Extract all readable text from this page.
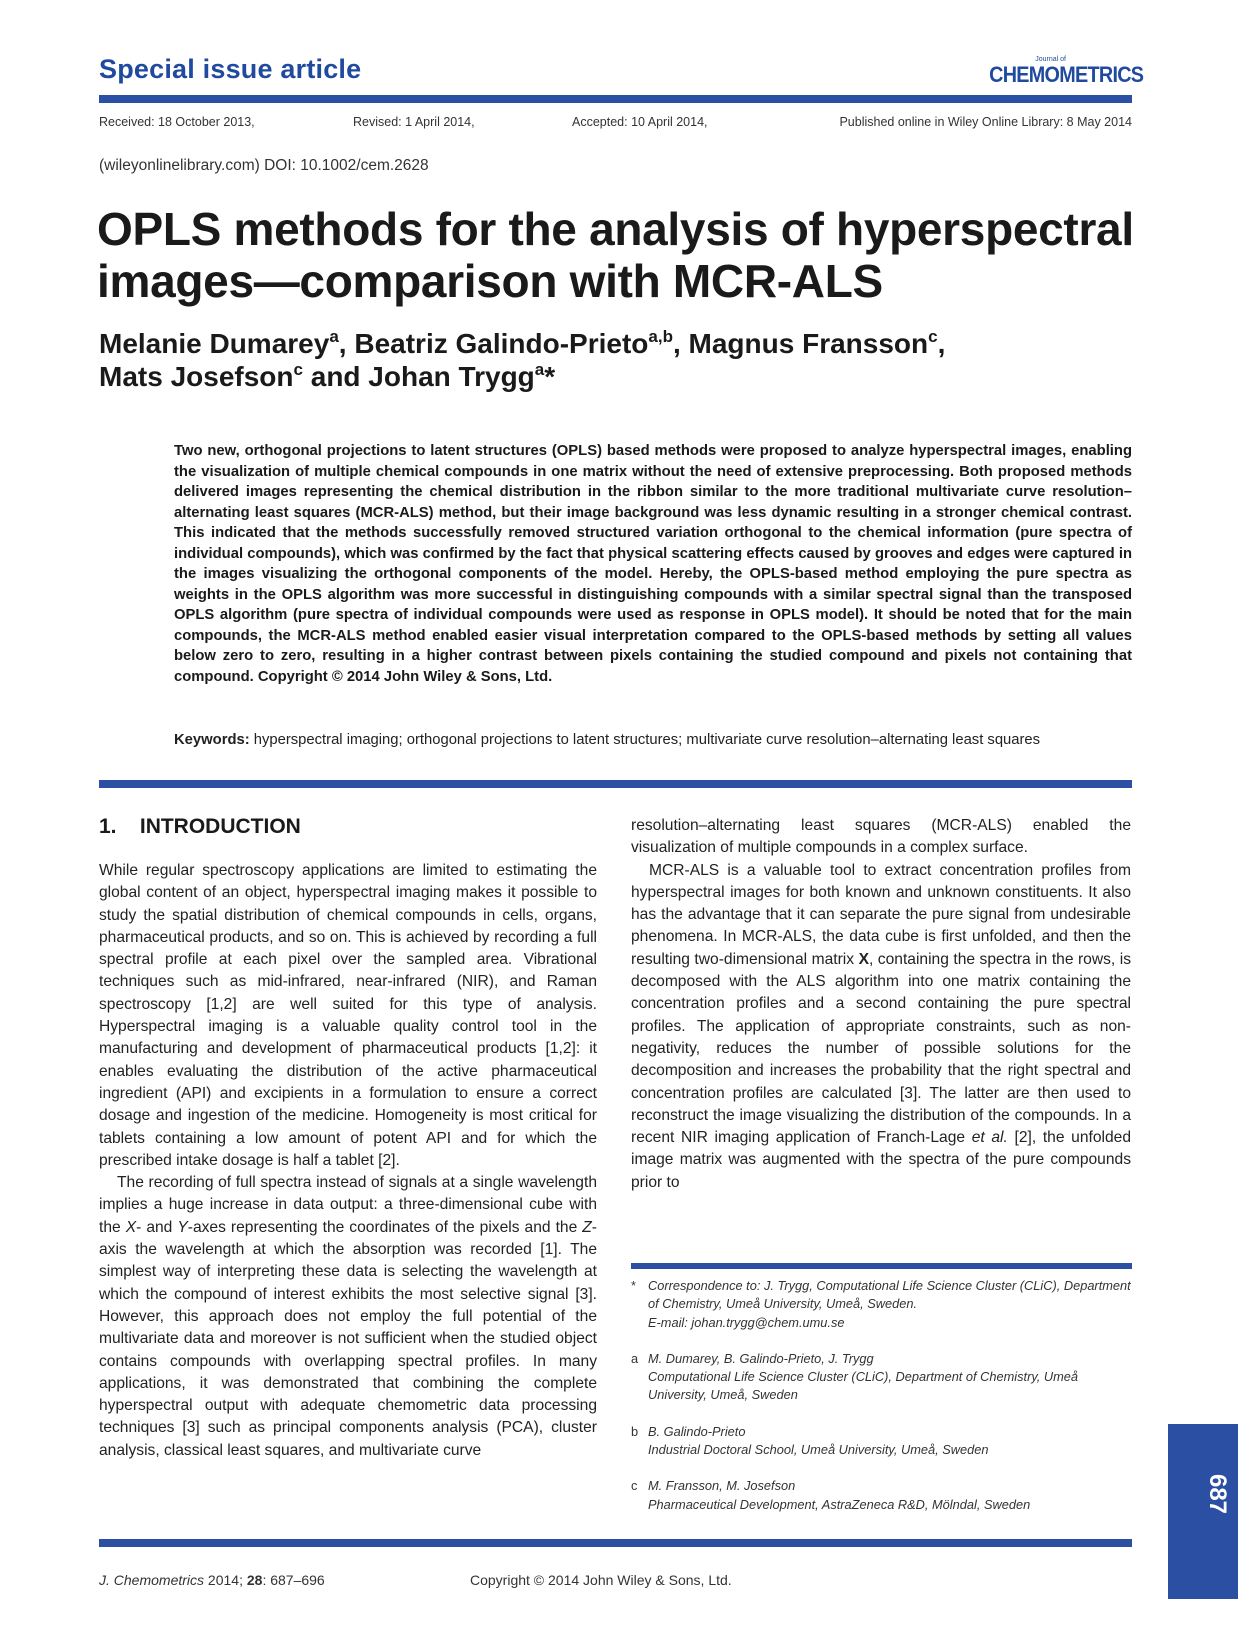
Special issue article	Journal of
CHEMOMETRICS
Received: 18 October 2013,	Revised: 1 April 2014,	Accepted: 10 April 2014,	Published online in Wiley Online Library: 8 May 2014
(wileyonlinelibrary.com) DOI: 10.1002/cem.2628
OPLS methods for the analysis of hyperspectral
images—comparison with MCR-ALS
Melanie Dumarey$^a$, Beatriz Galindo-Prieto$^{a,b}$, Magnus Fransson$^c$,
Mats Josefson$^c$ and Johan Trygg$^a$*
Two new, orthogonal projections to latent structures (OPLS) based methods were proposed to analyze hyperspectral images, enabling the visualization of multiple chemical compounds in one matrix without the need of extensive preprocessing. Both proposed methods delivered images representing the chemical distribution in the ribbon similar to the more traditional multivariate curve resolution–alternating least squares (MCR-ALS) method, but their image background was less dynamic resulting in a stronger chemical contrast. This indicated that the methods successfully removed structured variation orthogonal to the chemical information (pure spectra of individual compounds), which was confirmed by the fact that physical scattering effects caused by grooves and edges were captured in the images visualizing the orthogonal components of the model. Hereby, the OPLS-based method employing the pure spectra as weights in the OPLS algorithm was more successful in distinguishing compounds with a similar spectral signal than the transposed OPLS algorithm (pure spectra of individual compounds were used as response in OPLS model). It should be noted that for the main compounds, the MCR-ALS method enabled easier visual interpretation compared to the OPLS-based methods by setting all values below zero to zero, resulting in a higher contrast between pixels containing the studied compound and pixels not containing that compound. Copyright © 2014 John Wiley & Sons, Ltd.
Keywords: hyperspectral imaging; orthogonal projections to latent structures; multivariate curve resolution–alternating least squares
1. INTRODUCTION

While regular spectroscopy applications are limited to estimating the global content of an object, hyperspectral imaging makes it possible to study the spatial distribution of chemical compounds in cells, organs, pharmaceutical products, and so on. This is achieved by recording a full spectral profile at each pixel over the sampled area. Vibrational techniques such as mid-infrared, near-infrared (NIR), and Raman spectroscopy [1,2] are well suited for this type of analysis. Hyperspectral imaging is a valuable quality control tool in the manufacturing and development of pharmaceutical products [1,2]: it enables evaluating the distribution of the active pharmaceutical ingredient (API) and excipients in a formulation to ensure a correct dosage and ingestion of the medicine. Homogeneity is most critical for tablets containing a low amount of potent API and for which the prescribed intake dosage is half a tablet [2].

The recording of full spectra instead of signals at a single wavelength implies a huge increase in data output: a three-dimensional cube with the X- and Y-axes representing the coordinates of the pixels and the Z-axis the wavelength at which the absorption was recorded [1]. The simplest way of interpreting these data is selecting the wavelength at which the compound of interest exhibits the most selective signal [3]. However, this approach does not employ the full potential of the multivariate data and moreover is not sufficient when the studied object contains compounds with overlapping spectral profiles. In many applications, it was demonstrated that combining the complete hyperspectral output with adequate chemometric data processing techniques [3] such as principal components analysis (PCA), cluster analysis, classical least squares, and multivariate curve

resolution–alternating least squares (MCR-ALS) enabled the visualization of multiple compounds in a complex surface.

MCR-ALS is a valuable tool to extract concentration profiles from hyperspectral images for both known and unknown constituents. It also has the advantage that it can separate the pure signal from undesirable phenomena. In MCR-ALS, the data cube is first unfolded, and then the resulting two-dimensional matrix X, containing the spectra in the rows, is decomposed with the ALS algorithm into one matrix containing the concentration profiles and a second containing the pure spectral profiles. The application of appropriate constraints, such as non-negativity, reduces the number of possible solutions for the decomposition and increases the probability that the right spectral and concentration profiles are calculated [3]. The latter are then used to reconstruct the image visualizing the distribution of the compounds. In a recent NIR imaging application of Franch-Lage et al. [2], the unfolded image matrix was augmented with the spectra of the pure compounds prior to

* Correspondence to: J. Trygg, Computational Life Science Cluster (CLiC), Department of Chemistry, Umeå University, Umeå, Sweden.
E-mail: johan.trygg@chem.umu.se
a M. Dumarey, B. Galindo-Prieto, J. Trygg
Computational Life Science Cluster (CLiC), Department of Chemistry, Umeå University, Umeå, Sweden
b B. Galindo-Prieto
Industrial Doctoral School, Umeå University, Umeå, Sweden
c M. Fransson, M. Josefson
Pharmaceutical Development, AstraZeneca R&D, Mölndal, Sweden	687
J. Chemometrics 2014; 28: 687–696	Copyright © 2014 John Wiley & Sons, Ltd.
